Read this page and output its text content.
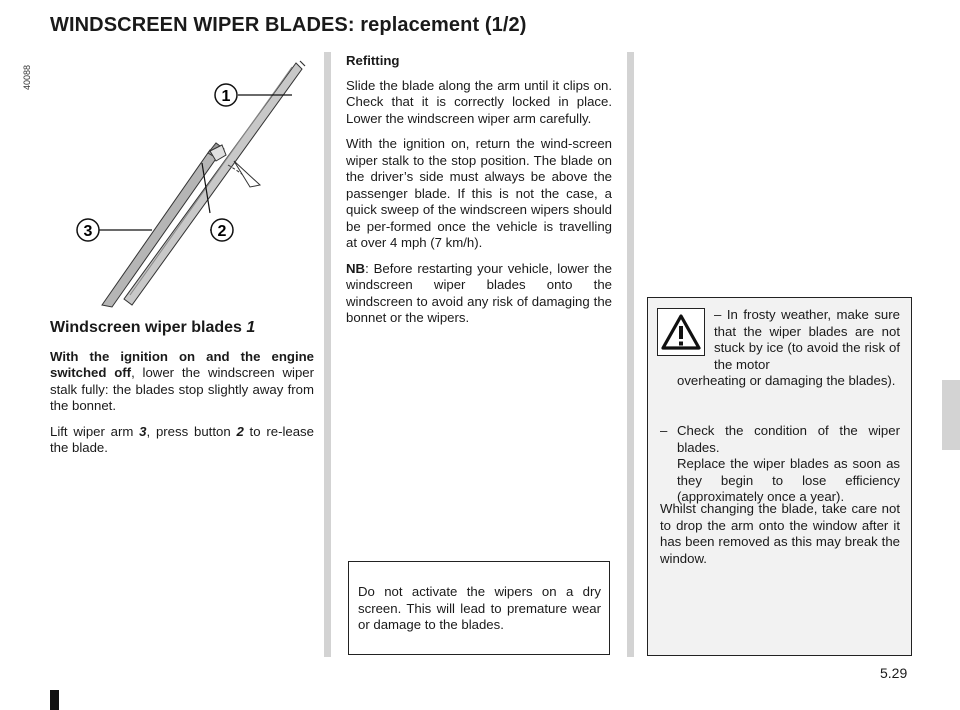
WINDSCREEN WIPER BLADES: replacement (1/2)
40088
1
2
3
Windscreen wiper blades 1

With the ignition on and the engine switched off, lower the windscreen wiper stalk fully: the blades stop slightly away from the bonnet.

Lift wiper arm 3, press button 2 to re-lease the blade.

Refitting

Slide the blade along the arm until it clips on. Check that it is correctly locked in place. Lower the windscreen wiper arm carefully.

With the ignition on, return the wind-screen wiper stalk to the stop position. The blade on the driver’s side must always be above the passenger blade. If this is not the case, a quick sweep of the windscreen wipers should be per-formed once the vehicle is travelling at over 4 mph (7 km/h).

NB: Before restarting your vehicle, lower the windscreen wiper blades onto the windscreen to avoid any risk of damaging the bonnet or the wipers.

Do not activate the wipers on a dry screen. This will lead to premature wear or damage to the blades.
– In frosty weather, make sure that the wiper blades are not stuck by ice (to avoid the risk of the motor
overheating or damaging the blades).
– Check the condition of the wiper blades.
Replace the wiper blades as soon as they begin to lose efficiency (approximately once a year).
Whilst changing the blade, take care not to drop the arm onto the window after it has been removed as this may break the window.
5.29
